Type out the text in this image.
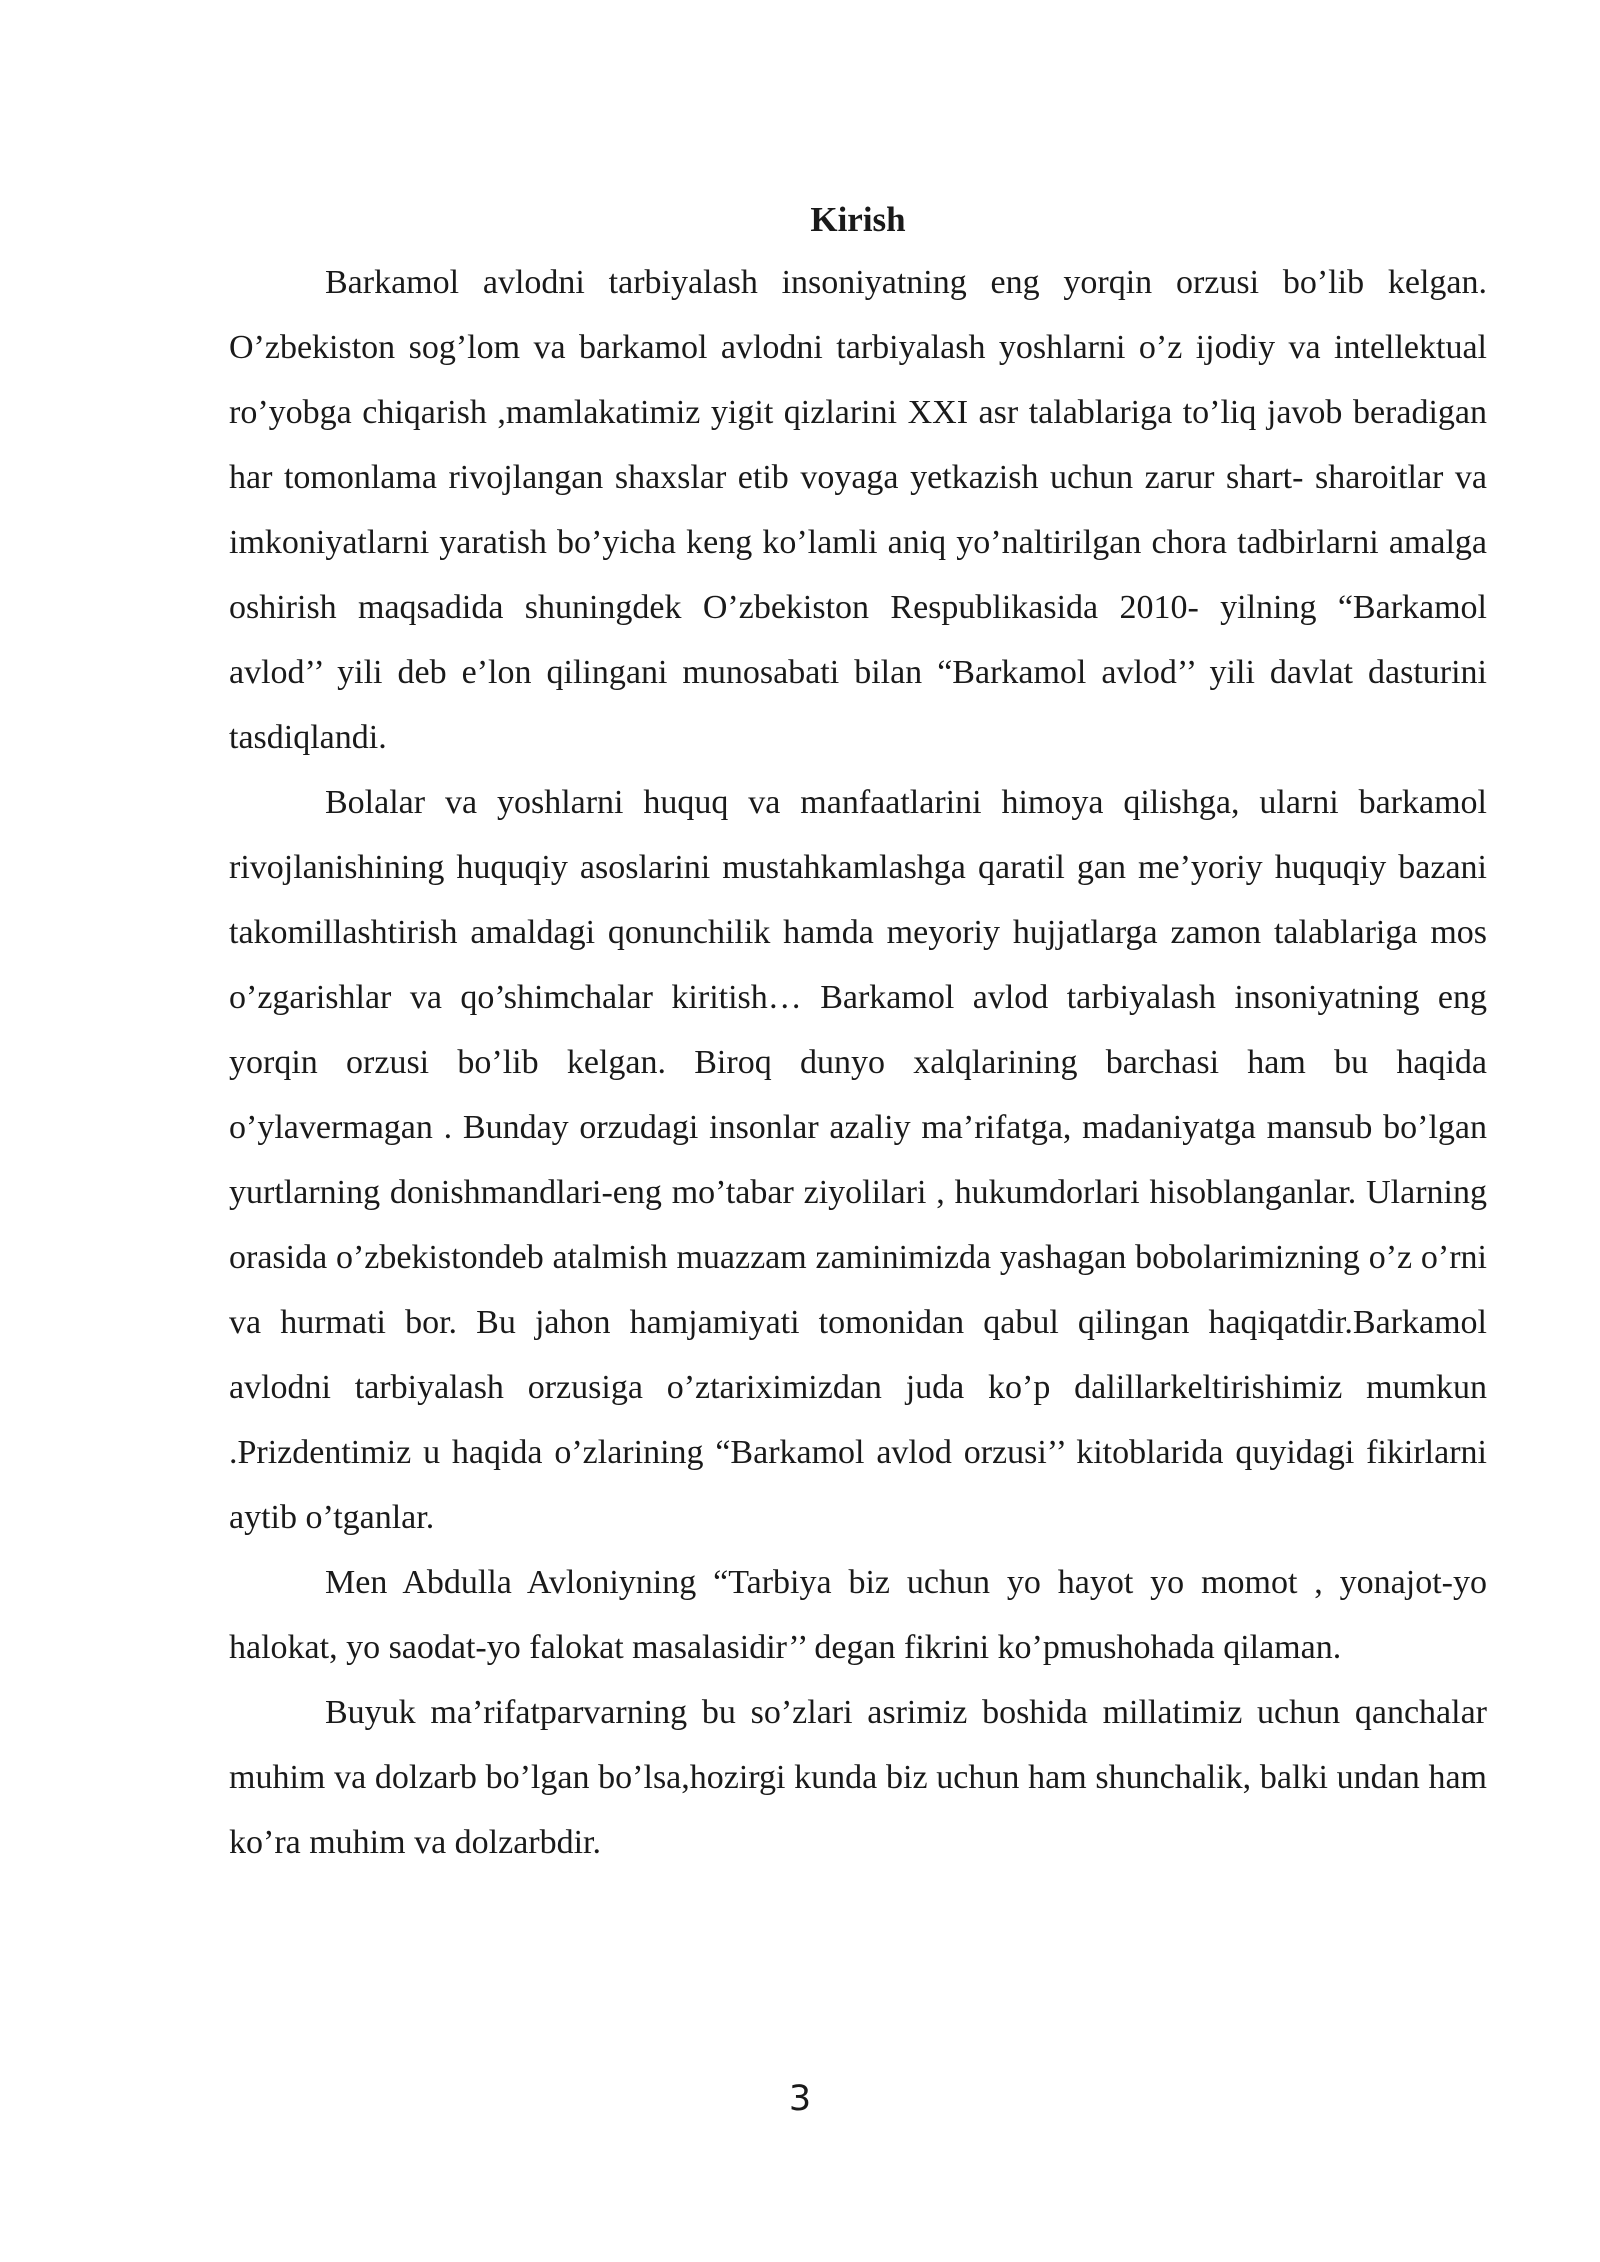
Kirish

Barkamol avlodni tarbiyalash insoniyatning eng yorqin orzusi bo’lib kelgan. O’zbekiston sog’lom va barkamol avlodni tarbiyalash yoshlarni o’z ijodiy va intellektual ro’yobga chiqarish ,mamlakatimiz yigit qizlarini XXI asr talablariga to’liq javob beradigan har tomonlama rivojlangan shaxslar etib voyaga yetkazish uchun zarur shart- sharoitlar va imkoniyatlarni yaratish bo’yicha keng ko’lamli aniq yo’naltirilgan chora tadbirlarni amalga oshirish maqsadida shuningdek O’zbekiston Respublikasida 2010- yilning “Barkamol avlod’’ yili deb e’lon qilingani munosabati bilan “Barkamol avlod’’ yili davlat dasturini tasdiqlandi.

Bolalar va yoshlarni huquq va manfaatlarini himoya qilishga, ularni barkamol rivojlanishining huquqiy asoslarini mustahkamlashga qaratil gan me’yoriy huquqiy bazani takomillashtirish amaldagi qonunchilik hamda meyoriy hujjatlarga zamon talablariga mos o’zgarishlar va qo’shimchalar kiritish… Barkamol avlod tarbiyalash insoniyatning eng yorqin orzusi bo’lib kelgan. Biroq dunyo xalqlarining barchasi ham bu haqida o’ylavermagan . Bunday orzudagi insonlar azaliy ma’rifatga, madaniyatga mansub bo’lgan yurtlarning donishmandlari-eng mo’tabar ziyolilari , hukumdorlari hisoblanganlar. Ularning orasida o’zbekistondeb atalmish muazzam zaminimizda yashagan bobolarimizning o’z o’rni va hurmati bor. Bu jahon hamjamiyati tomonidan qabul qilingan haqiqatdir.Barkamol avlodni tarbiyalash orzusiga o’ztariximizdan juda ko’p dalillarkeltirishimiz mumkun .Prizdentimiz u haqida o’zlarining “Barkamol avlod orzusi’’ kitoblarida quyidagi fikirlarni aytib o’tganlar.

Men Abdulla Avloniyning “Tarbiya biz uchun yo hayot yo momot , yonajot-yo halokat, yo saodat-yo falokat masalasidir’’ degan fikrini ko’pmushohada qilaman.

Buyuk ma’rifatparvarning bu so’zlari asrimiz boshida millatimiz uchun qanchalar muhim va dolzarb bo’lgan bo’lsa,hozirgi kunda biz uchun ham shunchalik, balki undan ham ko’ra muhim va dolzarbdir.

3
